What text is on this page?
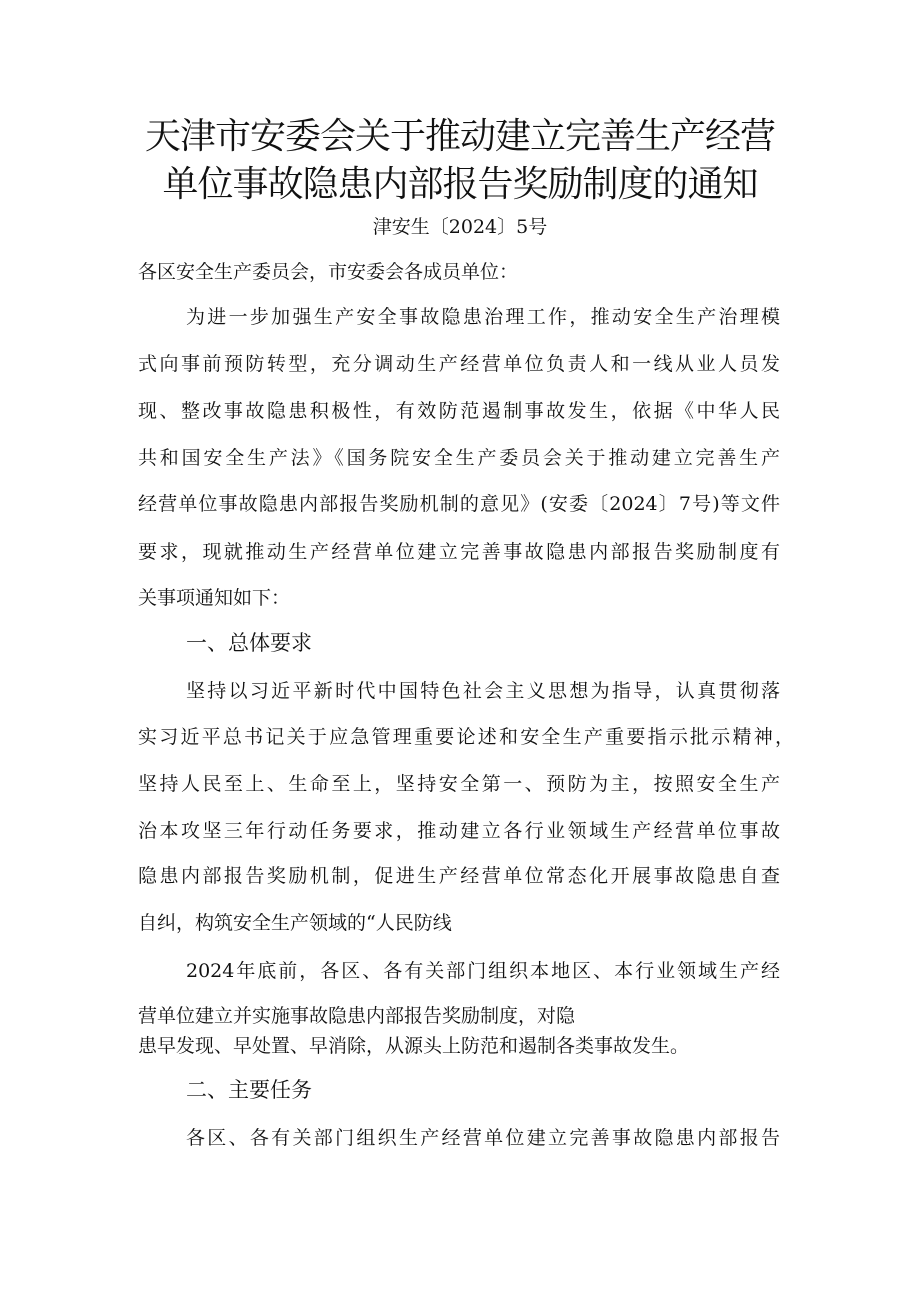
天津市安委会关于推动建立完善生产经营
单位事故隐患内部报告奖励制度的通知
津安生〔2024〕5号
各区安全生产委员会，市安委会各成员单位：
为进一步加强生产安全事故隐患治理工作，推动安全生产治理模
式向事前预防转型，充分调动生产经营单位负责人和一线从业人员发
现、整改事故隐患积极性，有效防范遏制事故发生，依据《中华人民
共和国安全生产法》《国务院安全生产委员会关于推动建立完善生产
经营单位事故隐患内部报告奖励机制的意见》(安委〔2024〕7号)等文件
要求，现就推动生产经营单位建立完善事故隐患内部报告奖励制度有
关事项通知如下：
一、总体要求
坚持以习近平新时代中国特色社会主义思想为指导，认真贯彻落
实习近平总书记关于应急管理重要论述和安全生产重要指示批示精神，
坚持人民至上、生命至上，坚持安全第一、预防为主，按照安全生产
治本攻坚三年行动任务要求，推动建立各行业领域生产经营单位事故
隐患内部报告奖励机制，促进生产经营单位常态化开展事故隐患自查
自纠，构筑安全生产领域的“人民防线
2024年底前，各区、各有关部门组织本地区、本行业领域生产经
营单位建立并实施事故隐患内部报告奖励制度，对隐
患早发现、早处置、早消除，从源头上防范和遏制各类事故发生。
二、主要任务
各区、各有关部门组织生产经营单位建立完善事故隐患内部报告
